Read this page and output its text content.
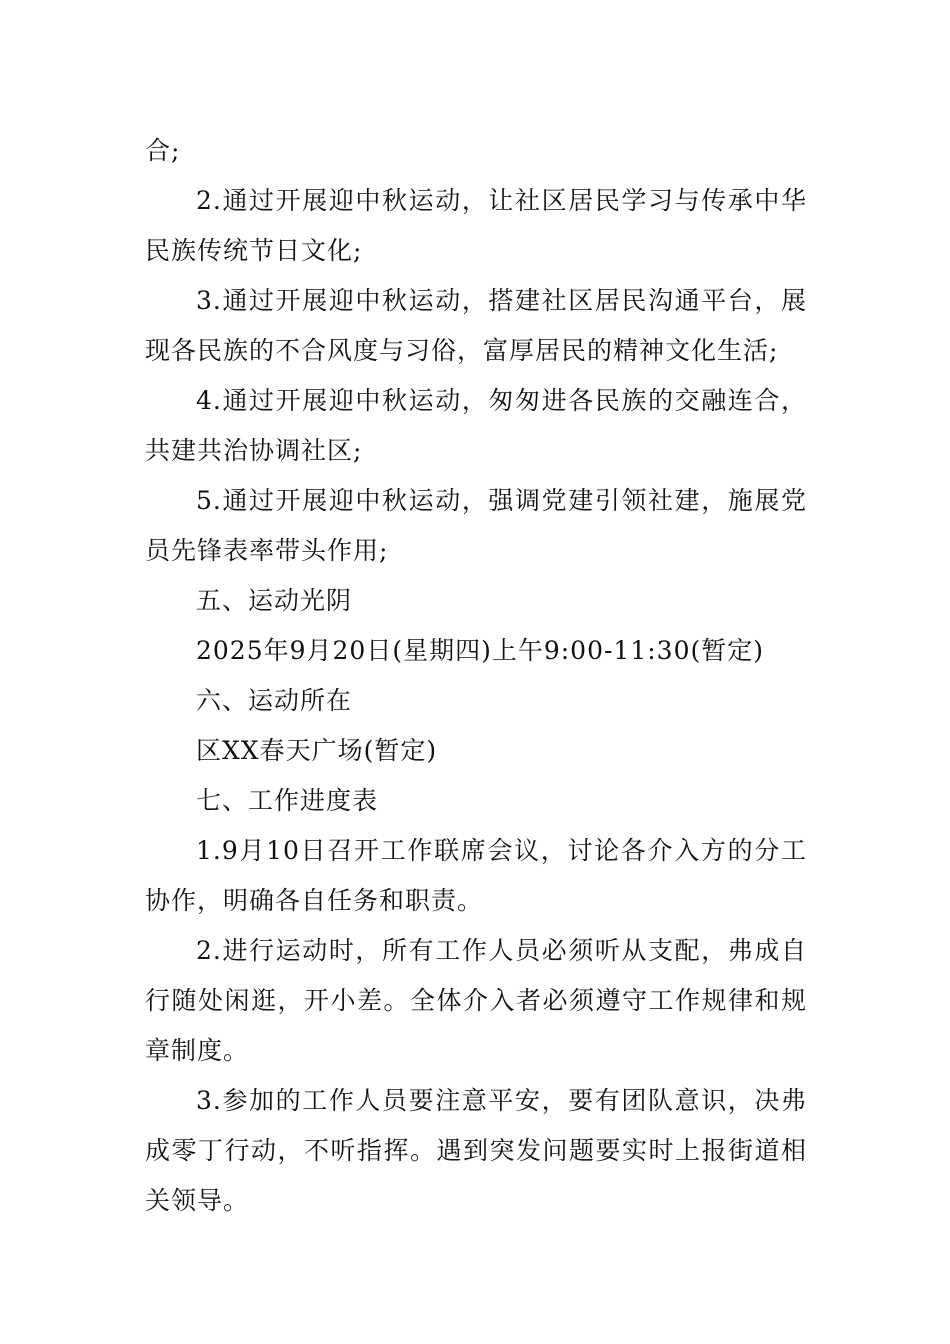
合;

2.通过开展迎中秋运动，让社区居民学习与传承中华民族传统节日文化;

3.通过开展迎中秋运动，搭建社区居民沟通平台，展现各民族的不合风度与习俗，富厚居民的精神文化生活;

4.通过开展迎中秋运动，匆匆进各民族的交融连合，共建共治协调社区;

5.通过开展迎中秋运动，强调党建引领社建，施展党员先锋表率带头作用;

五、运动光阴

2025年9月20日(星期四)上午9:00-11:30(暂定)

六、运动所在

区XX春天广场(暂定)

七、工作进度表

1.9月10日召开工作联席会议，讨论各介入方的分工协作，明确各自任务和职责。

2.进行运动时，所有工作人员必须听从支配，弗成自行随处闲逛，开小差。全体介入者必须遵守工作规律和规章制度。

3.参加的工作人员要注意平安，要有团队意识，决弗成零丁行动，不听指挥。遇到突发问题要实时上报街道相关领导。
